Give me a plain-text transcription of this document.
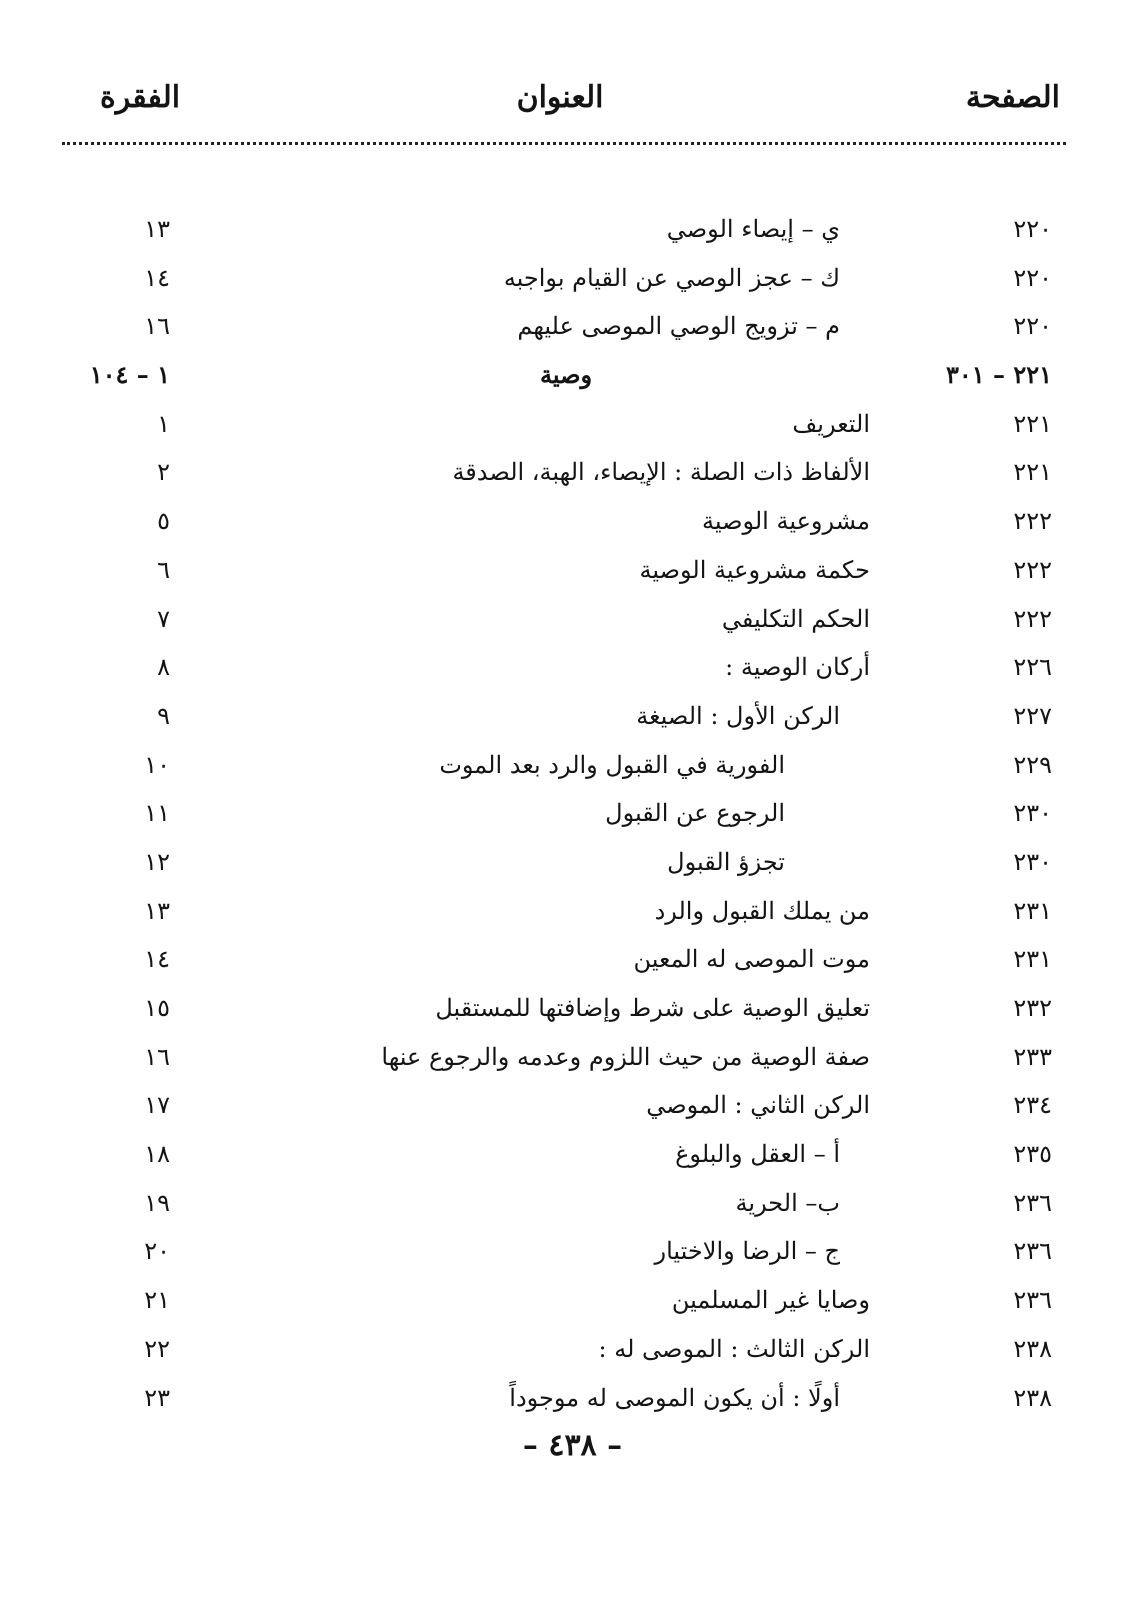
الصفحة
العنوان
الفقرة
٢٢٠
ي – إيصاء الوصي
١٣
٢٢٠
ك – عجز الوصي عن القيام بواجبه
١٤
٢٢٠
م – تزويج الوصي الموصى عليهم
١٦
٢٢١ – ٣٠١
وصية
١ – ١٠٤
٢٢١
التعريف
١
٢٢١
الألفاظ ذات الصلة : الإيصاء، الهبة، الصدقة
٢
٢٢٢
مشروعية الوصية
٥
٢٢٢
حكمة مشروعية الوصية
٦
٢٢٢
الحكم التكليفي
٧
٢٢٦
أركان الوصية :
٨
٢٢٧
الركن الأول : الصيغة
٩
٢٢٩
الفورية في القبول والرد بعد الموت
١٠
٢٣٠
الرجوع عن القبول
١١
٢٣٠
تجزؤ القبول
١٢
٢٣١
من يملك القبول والرد
١٣
٢٣١
موت الموصى له المعين
١٤
٢٣٢
تعليق الوصية على شرط وإضافتها للمستقبل
١٥
٢٣٣
صفة الوصية من حيث اللزوم وعدمه والرجوع عنها
١٦
٢٣٤
الركن الثاني : الموصي
١٧
٢٣٥
أ – العقل والبلوغ
١٨
٢٣٦
ب– الحرية
١٩
٢٣٦
ج – الرضا والاختيار
٢٠
٢٣٦
وصايا غير المسلمين
٢١
٢٣٨
الركن الثالث : الموصى له :
٢٢
٢٣٨
أولًا : أن يكون الموصى له موجوداً
٢٣
– ٤٣٨ –
